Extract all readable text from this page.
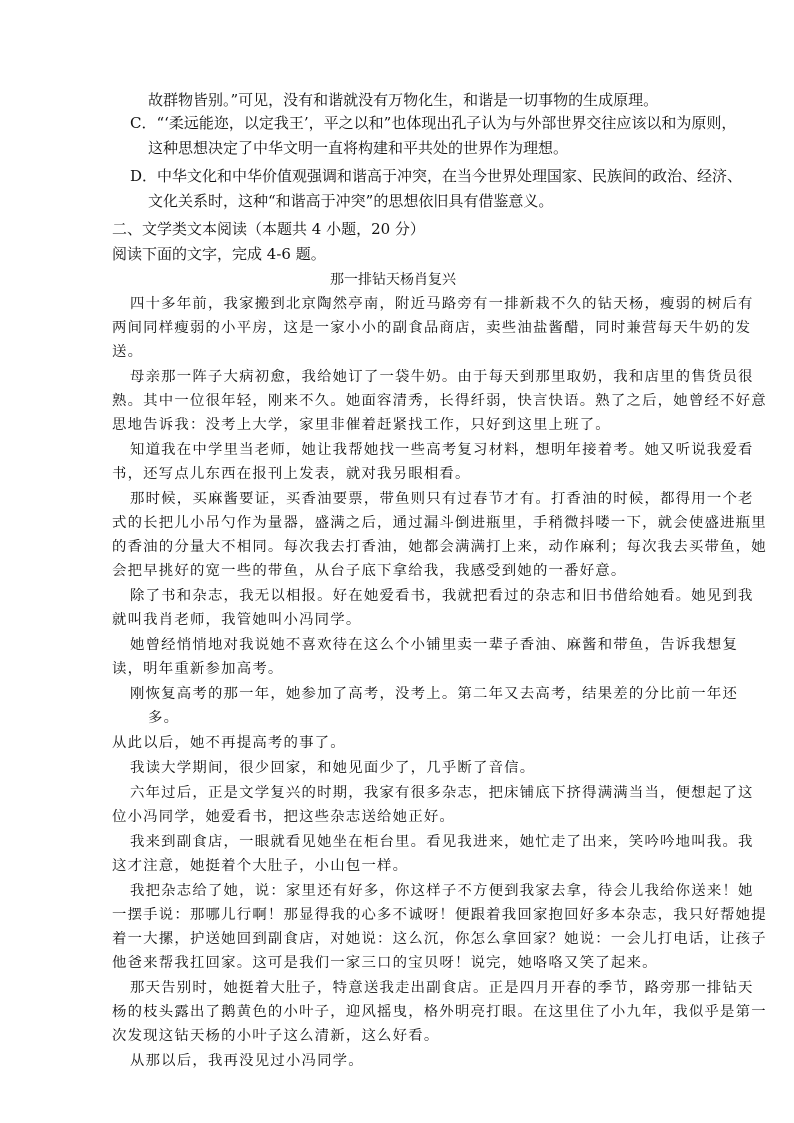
故群物皆别。”可见，没有和谐就没有万物化生，和谐是一切事物的生成原理。
C．“‘柔远能迩，以定我王’，平之以和”也体现出孔子认为与外部世界交往应该以和为原则，
这种思想决定了中华文明一直将构建和平共处的世界作为理想。
D．中华文化和中华价值观强调和谐高于冲突，在当今世界处理国家、民族间的政治、经济、
文化关系时，这种“和谐高于冲突”的思想依旧具有借鉴意义。
二、文学类文本阅读（本题共 4 小题，20 分）
阅读下面的文字，完成 4-6 题。
那一排钻天杨肖复兴
四十多年前，我家搬到北京陶然亭南，附近马路旁有一排新栽不久的钻天杨，瘦弱的树后有
两间同样瘦弱的小平房，这是一家小小的副食品商店，卖些油盐酱醋，同时兼营每天牛奶的发
送。
母亲那一阵子大病初愈，我给她订了一袋牛奶。由于每天到那里取奶，我和店里的售货员很
熟。其中一位很年轻，刚来不久。她面容清秀，长得纤弱，快言快语。熟了之后，她曾经不好意
思地告诉我：没考上大学，家里非催着赶紧找工作，只好到这里上班了。
知道我在中学里当老师，她让我帮她找一些高考复习材料，想明年接着考。她又听说我爱看
书，还写点儿东西在报刊上发表，就对我另眼相看。
那时候，买麻酱要证，买香油要票，带鱼则只有过春节才有。打香油的时候，都得用一个老
式的长把儿小吊勺作为量器，盛满之后，通过漏斗倒进瓶里，手稍微抖喽一下，就会使盛进瓶里
的香油的分量大不相同。每次我去打香油，她都会满满打上来，动作麻利；每次我去买带鱼，她
会把早挑好的宽一些的带鱼，从台子底下拿给我，我感受到她的一番好意。
除了书和杂志，我无以相报。好在她爱看书，我就把看过的杂志和旧书借给她看。她见到我
就叫我肖老师，我管她叫小冯同学。
她曾经悄悄地对我说她不喜欢待在这么个小铺里卖一辈子香油、麻酱和带鱼，告诉我想复
读，明年重新参加高考。
刚恢复高考的那一年，她参加了高考，没考上。第二年又去高考，结果差的分比前一年还
多。
从此以后，她不再提高考的事了。
我读大学期间，很少回家，和她见面少了，几乎断了音信。
六年过后，正是文学复兴的时期，我家有很多杂志，把床铺底下挤得满满当当，便想起了这
位小冯同学，她爱看书，把这些杂志送给她正好。
我来到副食店，一眼就看见她坐在柜台里。看见我进来，她忙走了出来，笑吟吟地叫我。我
这才注意，她挺着个大肚子，小山包一样。
我把杂志给了她，说：家里还有好多，你这样子不方便到我家去拿，待会儿我给你送来！她
一摆手说：那哪儿行啊！那显得我的心多不诚呀！便跟着我回家抱回好多本杂志，我只好帮她提
着一大摞，护送她回到副食店，对她说：这么沉，你怎么拿回家？她说：一会儿打电话，让孩子
他爸来帮我扛回家。这可是我们一家三口的宝贝呀！说完，她咯咯又笑了起来。
那天告别时，她挺着大肚子，特意送我走出副食店。正是四月开春的季节，路旁那一排钻天
杨的枝头露出了鹅黄色的小叶子，迎风摇曳，格外明亮打眼。在这里住了小九年，我似乎是第一
次发现这钻天杨的小叶子这么清新，这么好看。
从那以后，我再没见过小冯同学。
